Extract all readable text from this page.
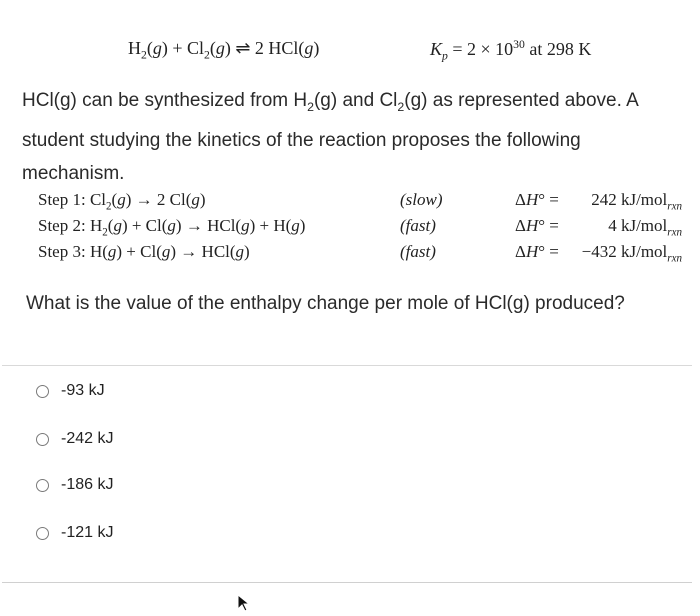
$H_2(g) + Cl_2(g)$ ⇌ 2 HCl(g)	$K_p = 2 \times 10^{30}$ at 298 K
HCl(g) can be synthesized from $H_2(g)$ and $Cl_2(g)$ as represented above. A student studying the kinetics of the reaction proposes the following mechanism.
Step 1: $Cl_2(g) \to 2$ Cl(g)	(slow)	ΔH° = 242 kJ/mol$_{rxn}$
Step 2: $H_2(g) + Cl(g) \to HCl(g) + H(g)$	(fast)	ΔH° =	4 kJ/mol$_{rxn}$
Step 3: H(g) + Cl(g) → HCl(g)	(fast)	ΔH° = −432 kJ/mol$_{rxn}$
What is the value of the enthalpy change per mole of HCl(g) produced?
-93 kJ
-242 kJ
-186 kJ
-121 kJ
